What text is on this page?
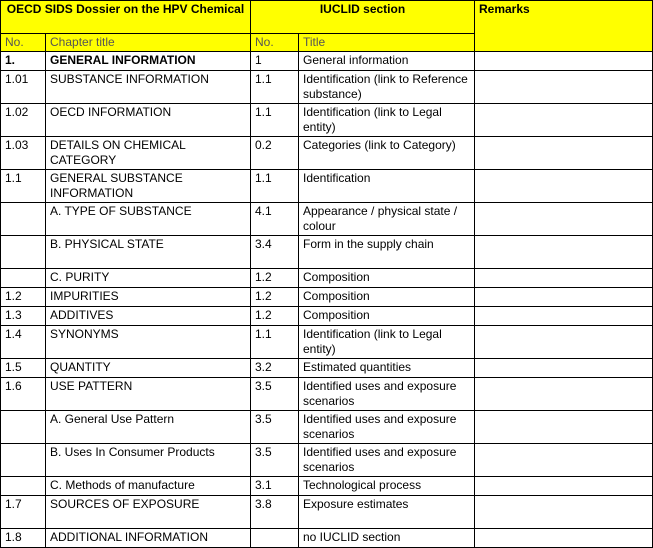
OECD SIDS Dossier on the HPV Chemical		IUCLID section		Remarks
No.	Chapter title	No.	Title	
1.	GENERAL INFORMATION	1	General information	
1.01	SUBSTANCE INFORMATION	1.1	Identification (link to Reference substance)	
1.02	OECD INFORMATION	1.1	Identification (link to Legal entity)	
1.03	DETAILS ON CHEMICAL CATEGORY	0.2	Categories (link to Category)	
1.1	GENERAL SUBSTANCE INFORMATION	1.1	Identification	
	A. TYPE OF SUBSTANCE	4.1	Appearance / physical state / colour	
	B. PHYSICAL STATE	3.4	Form in the supply chain	
	C. PURITY	1.2	Composition	
1.2	IMPURITIES	1.2	Composition	
1.3	ADDITIVES	1.2	Composition	
1.4	SYNONYMS	1.1	Identification (link to Legal entity)	
1.5	QUANTITY	3.2	Estimated quantities	
1.6	USE PATTERN	3.5	Identified uses and exposure scenarios	
	A. General Use Pattern	3.5	Identified uses and exposure scenarios	
	B. Uses In Consumer Products	3.5	Identified uses and exposure scenarios	
	C. Methods of manufacture	3.1	Technological process	
1.7	SOURCES OF EXPOSURE	3.8	Exposure estimates	
1.8	ADDITIONAL INFORMATION		no IUCLID section	
